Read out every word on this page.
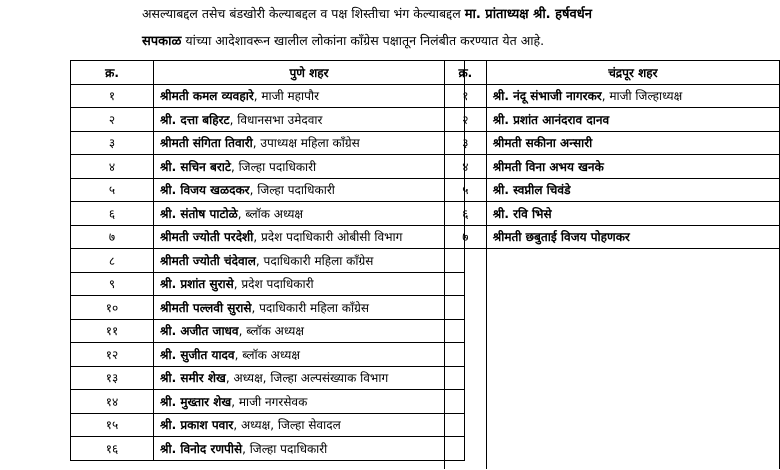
असल्याबद्दल तसेच बंडखोरी केल्याबद्दल व पक्ष शिस्तीचा भंग केल्याबद्दल मा. प्रांताध्यक्ष श्री. हर्षवर्धन
सपकाळ यांच्या आदेशावरून खालील लोकांना कॉंग्रेस पक्षातून निलंबीत करण्यात येत आहे.
क्र.	पुणे शहर
१	श्रीमती कमल व्यवहारे, माजी महापौर
२	श्री. दत्ता बहिरट, विधानसभा उमेदवार
३	श्रीमती संगिता तिवारी, उपाध्यक्ष महिला कॉंग्रेस
४	श्री. सचिन बराटे, जिल्हा पदाधिकारी
५	श्री. विजय खळदकर, जिल्हा पदाधिकारी
६	श्री. संतोष पाटोळे, ब्लॉक अध्यक्ष
७	श्रीमती ज्योती परदेशी, प्रदेश पदाधिकारी ओबीसी विभाग
८	श्रीमती ज्योती चंदेवाल, पदाधिकारी महिला कॉंग्रेस
९	श्री. प्रशांत सुरासे, प्रदेश पदाधिकारी
१०	श्रीमती पल्लवी सुरासे, पदाधिकारी महिला कॉंग्रेस
११	श्री. अजीत जाधव, ब्लॉक अध्यक्ष
१२	श्री. सुजीत यादव, ब्लॉक अध्यक्ष
१३	श्री. समीर शेख, अध्यक्ष, जिल्हा अल्पसंख्याक विभाग
१४	श्री. मुख्तार शेख, माजी नगरसेवक
१५	श्री. प्रकाश पवार, अध्यक्ष, जिल्हा सेवादल
१६	श्री. विनोद रणपीसे, जिल्हा पदाधिकारी
क्र.	चंद्रपूर शहर
१	श्री. नंदू संभाजी नागरकर, माजी जिल्हाध्यक्ष
२	श्री. प्रशांत आनंदराव दानव
३	श्रीमती सकीना अन्सारी
४	श्रीमती विना अभय खनके
५	श्री. स्वप्नील चिवंडे
६	श्री. रवि भिसे
७	श्रीमती छबुताई विजय पोहणकर
